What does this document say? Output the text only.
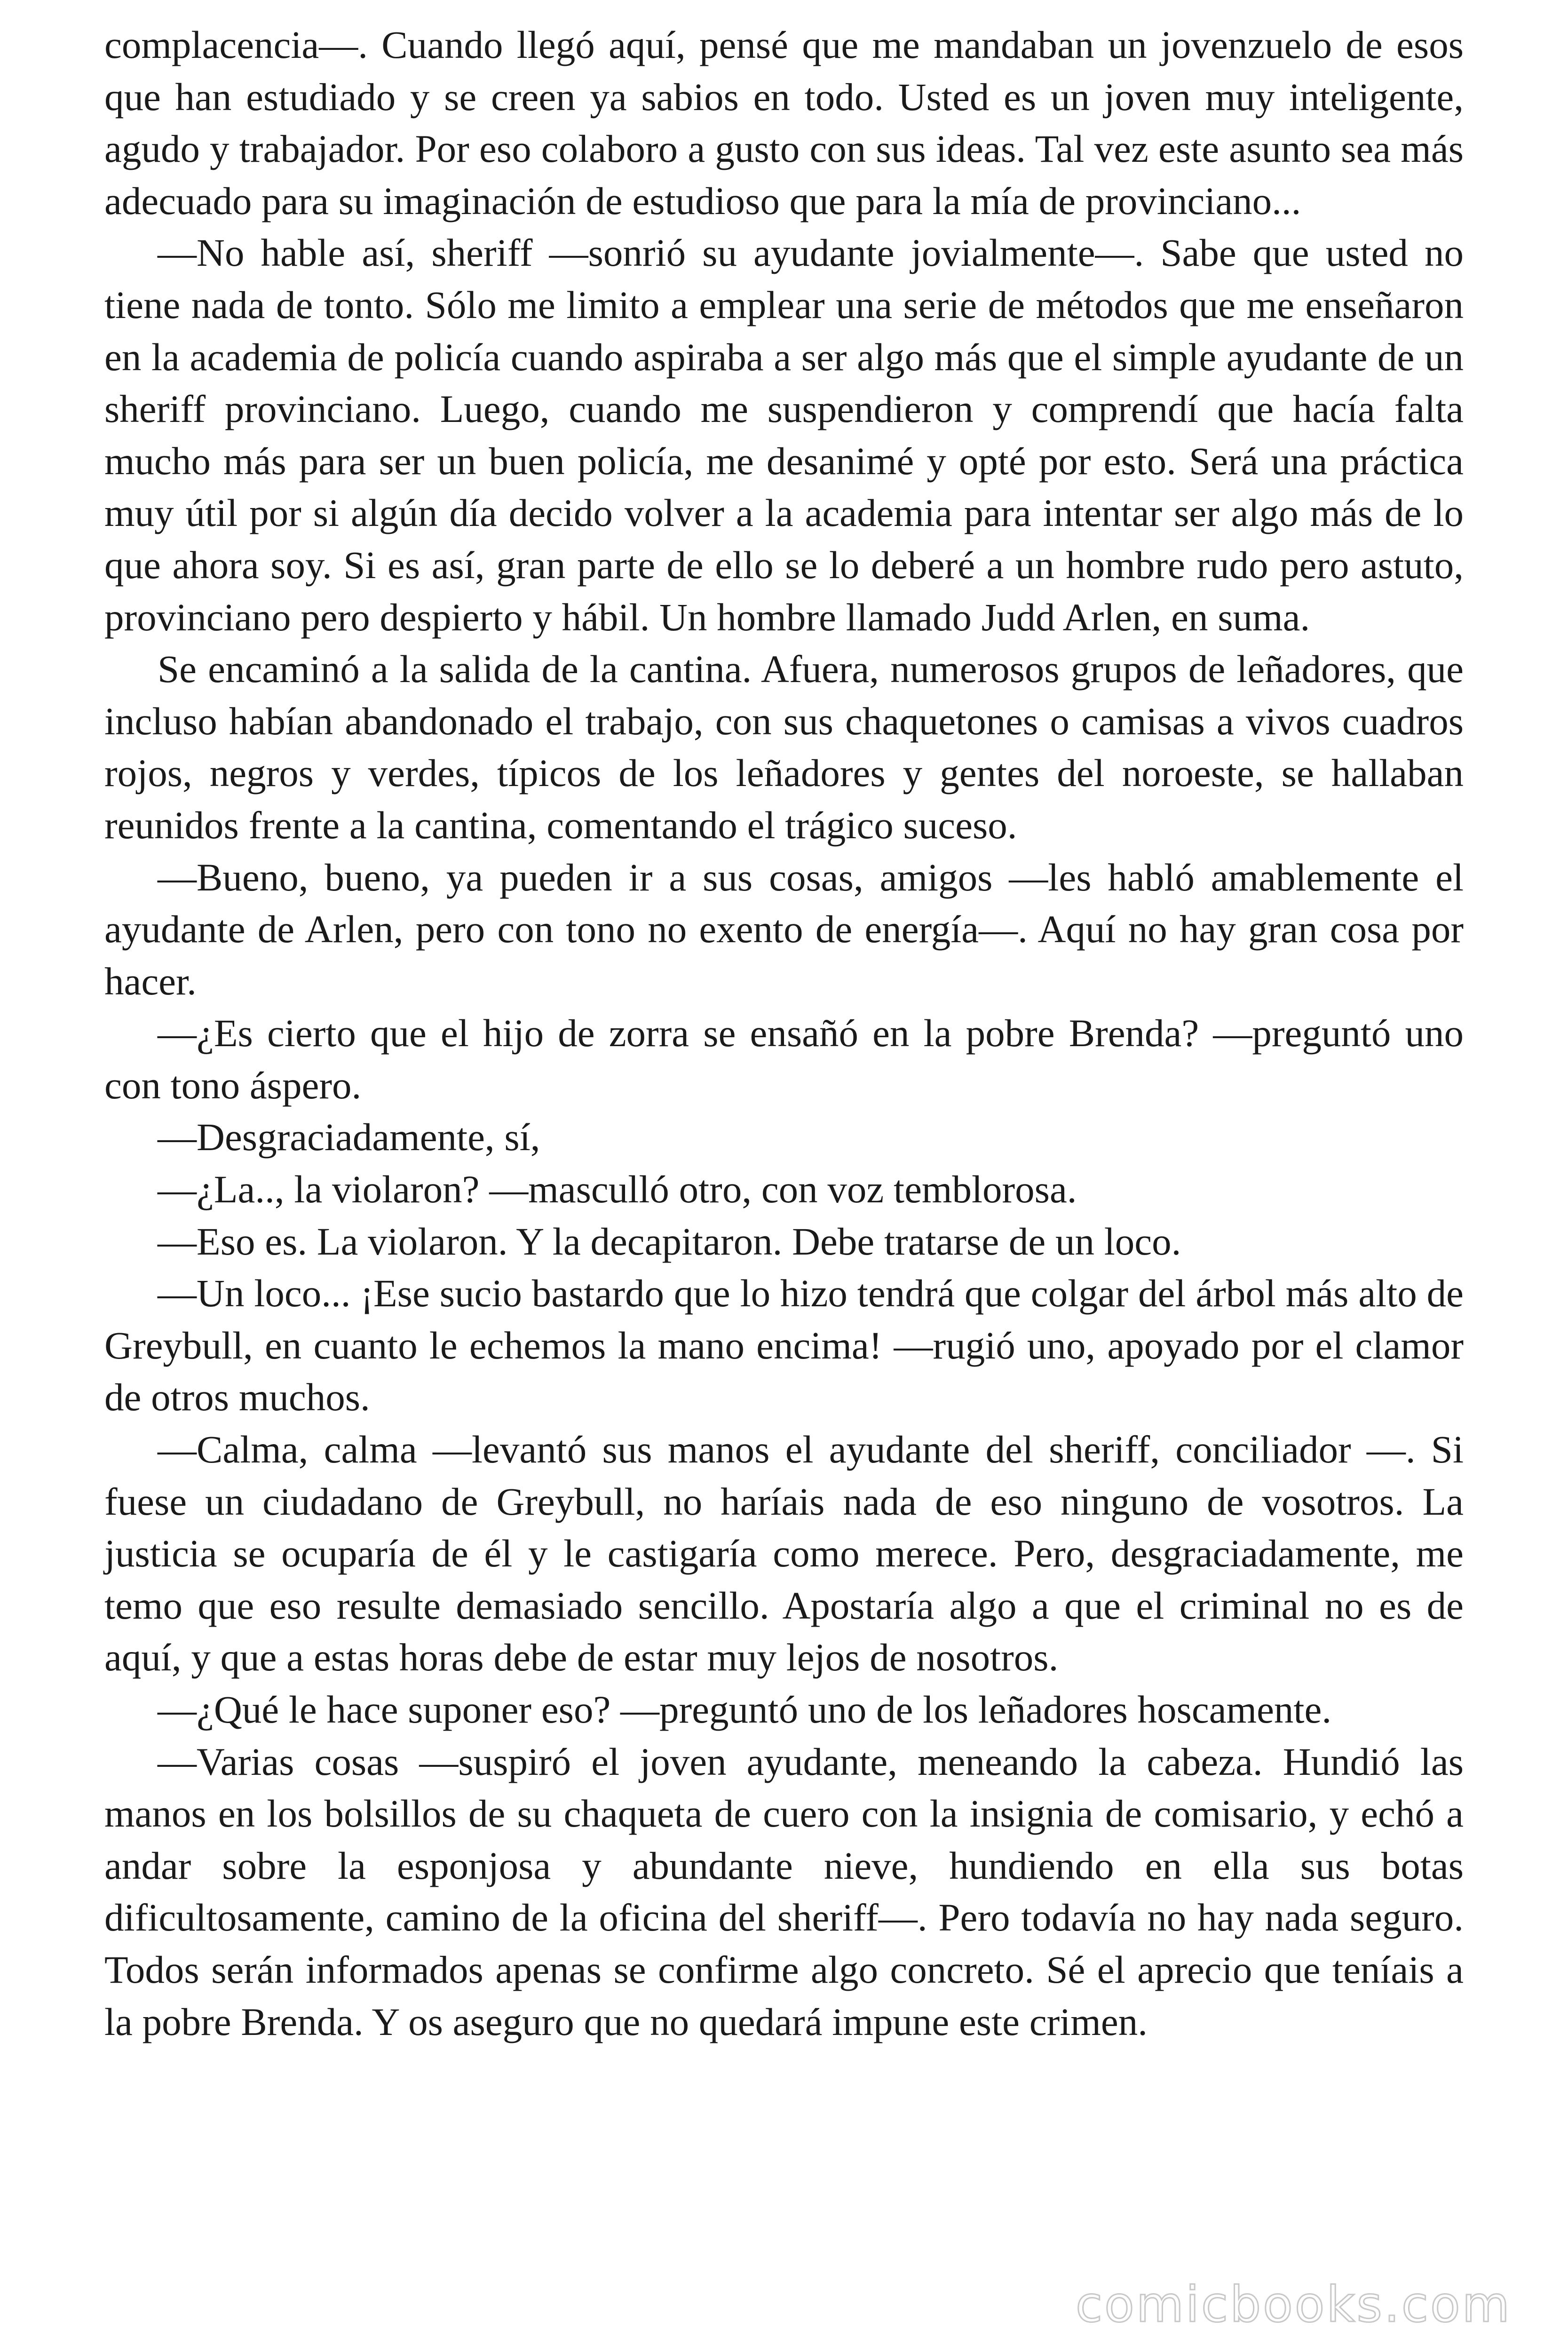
complacencia—. Cuando llegó aquí, pensé que me mandaban un jovenzuelo de esos que han estudiado y se creen ya sabios en todo. Usted es un joven muy inteligente, agudo y trabajador. Por eso colaboro a gusto con sus ideas. Tal vez este asunto sea más adecuado para su imaginación de estudioso que para la mía de provinciano...

—No hable así, sheriff —sonrió su ayudante jovialmente—. Sabe que usted no tiene nada de tonto. Sólo me limito a emplear una serie de métodos que me enseñaron en la academia de policía cuando aspiraba a ser algo más que el simple ayudante de un sheriff provinciano. Luego, cuando me suspendieron y comprendí que hacía falta mucho más para ser un buen policía, me desanimé y opté por esto. Será una práctica muy útil por si algún día decido volver a la academia para intentar ser algo más de lo que ahora soy. Si es así, gran parte de ello se lo deberé a un hombre rudo pero astuto, provinciano pero despierto y hábil. Un hombre llamado Judd Arlen, en suma.

Se encaminó a la salida de la cantina. Afuera, numerosos grupos de leñadores, que incluso habían abandonado el trabajo, con sus chaquetones o camisas a vivos cuadros rojos, negros y verdes, típicos de los leñadores y gentes del noroeste, se hallaban reunidos frente a la cantina, comentando el trágico suceso.

—Bueno, bueno, ya pueden ir a sus cosas, amigos —les habló amablemente el ayudante de Arlen, pero con tono no exento de energía—. Aquí no hay gran cosa por hacer.

—¿Es cierto que el hijo de zorra se ensañó en la pobre Brenda? —preguntó uno con tono áspero.

—Desgraciadamente, sí,

—¿La.., la violaron? —masculló otro, con voz temblorosa.

—Eso es. La violaron. Y la decapitaron. Debe tratarse de un loco.

—Un loco... ¡Ese sucio bastardo que lo hizo tendrá que colgar del árbol más alto de Greybull, en cuanto le echemos la mano encima! —rugió uno, apoyado por el clamor de otros muchos.

—Calma, calma —levantó sus manos el ayudante del sheriff, conciliador —. Si fuese un ciudadano de Greybull, no haríais nada de eso ninguno de vosotros. La justicia se ocuparía de él y le castigaría como merece. Pero, desgraciadamente, me temo que eso resulte demasiado sencillo. Apostaría algo a que el criminal no es de aquí, y que a estas horas debe de estar muy lejos de nosotros.

—¿Qué le hace suponer eso? —preguntó uno de los leñadores hoscamente.

—Varias cosas —suspiró el joven ayudante, meneando la cabeza. Hundió las manos en los bolsillos de su chaqueta de cuero con la insignia de comisario, y echó a andar sobre la esponjosa y abundante nieve, hundiendo en ella sus botas dificultosamente, camino de la oficina del sheriff—. Pero todavía no hay nada seguro. Todos serán informados apenas se confirme algo concreto. Sé el aprecio que teníais a la pobre Brenda. Y os aseguro que no quedará impune este crimen.

comicbooks.com
